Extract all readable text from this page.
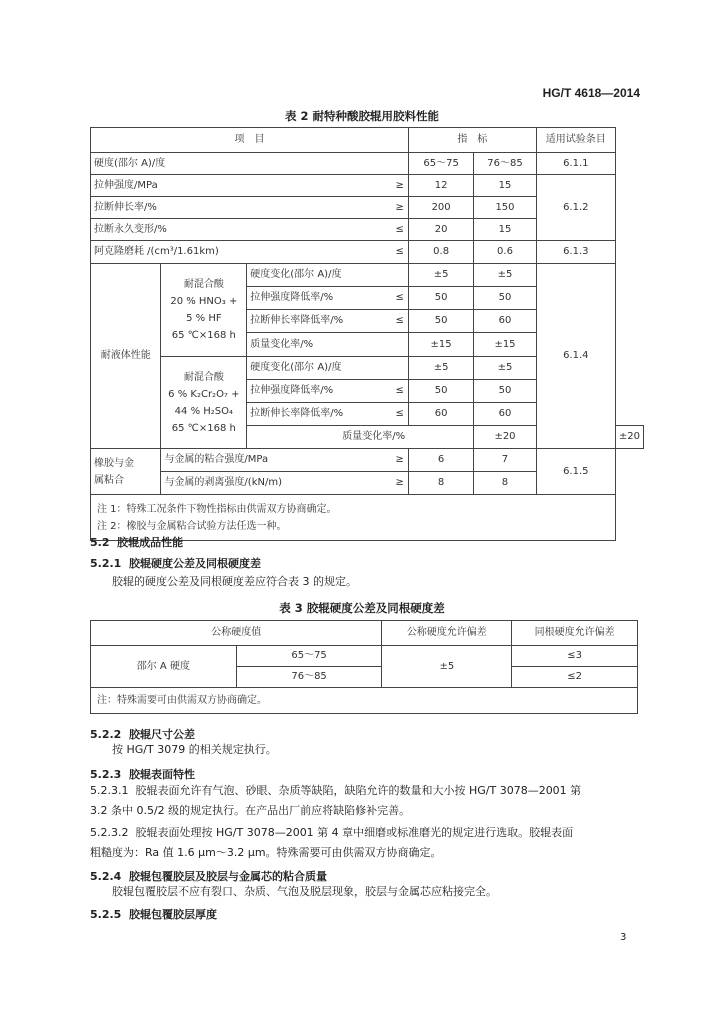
HG/T 4618—2014
表 2 耐特种酸胶辊用胶料性能
项　目				指　标		适用试验条目	
硬度(邵尔 A)/度				65～75	76～85	6.1.1	
拉伸强度/MPa			≥	12	15	6.1.2	
拉断伸长率/%			≥	200	150		
拉断永久变形/%			≤	20	15		
阿克隆磨耗 /(cm³/1.61km)			≤	0.8	0.6	6.1.3	
耐液体性能	耐混合酸
20 % HNO₃ +
5 % HF
65 ℃×168 h	硬度变化(邵尔 A)/度		±5	±5	6.1.4	
		拉伸强度降低率/%	≤	50	50		
		拉断伸长率降低率/%	≤	50	60		
		质量变化率/%		±15	±15		

	耐混合酸
6 % K₂Cr₂O₇ +
44 % H₂SO₄
65 ℃×168 h	硬度变化(邵尔 A)/度		±5	±5		
		拉伸强度降低率/%	≤	50	50		
		拉断伸长率降低率/%	≤	60	60		
		质量变化率/%			±20		±20

橡胶与金
属粘合	与金属的粘合强度/MPa		≥	6	7	6.1.5	
	与金属的剥离强度/(kN/m)		≥	8	8		

注 1：特殊工况条件下物性指标由供需双方协商确定。
注 2：橡胶与金属粘合试验方法任选一种。							
5.2 胶辊成品性能
5.2.1 胶辊硬度公差及同根硬度差
胶辊的硬度公差及同根硬度差应符合表 3 的规定。
表 3 胶辊硬度公差及同根硬度差
公称硬度值		公称硬度允许偏差	同根硬度允许偏差
邵尔 A 硬度	65～75	±5	≤3
	76～85		≤2
注：特殊需要可由供需双方协商确定。			
5.2.2 胶辊尺寸公差
按 HG/T 3079 的相关规定执行。
5.2.3 胶辊表面特性
5.2.3.1 胶辊表面允许有气泡、砂眼、杂质等缺陷，缺陷允许的数量和大小按 HG/T 3078—2001 第
3.2 条中 0.5/2 级的规定执行。在产品出厂前应将缺陷修补完善。
5.2.3.2 胶辊表面处理按 HG/T 3078—2001 第 4 章中细磨或标准磨光的规定进行选取。胶辊表面
粗糙度为：Ra 值 1.6 μm～3.2 μm。特殊需要可由供需双方协商确定。
5.2.4 胶辊包覆胶层及胶层与金属芯的粘合质量
胶辊包覆胶层不应有裂口、杂质、气泡及脱层现象，胶层与金属芯应粘接完全。
5.2.5 胶辊包覆胶层厚度
3
